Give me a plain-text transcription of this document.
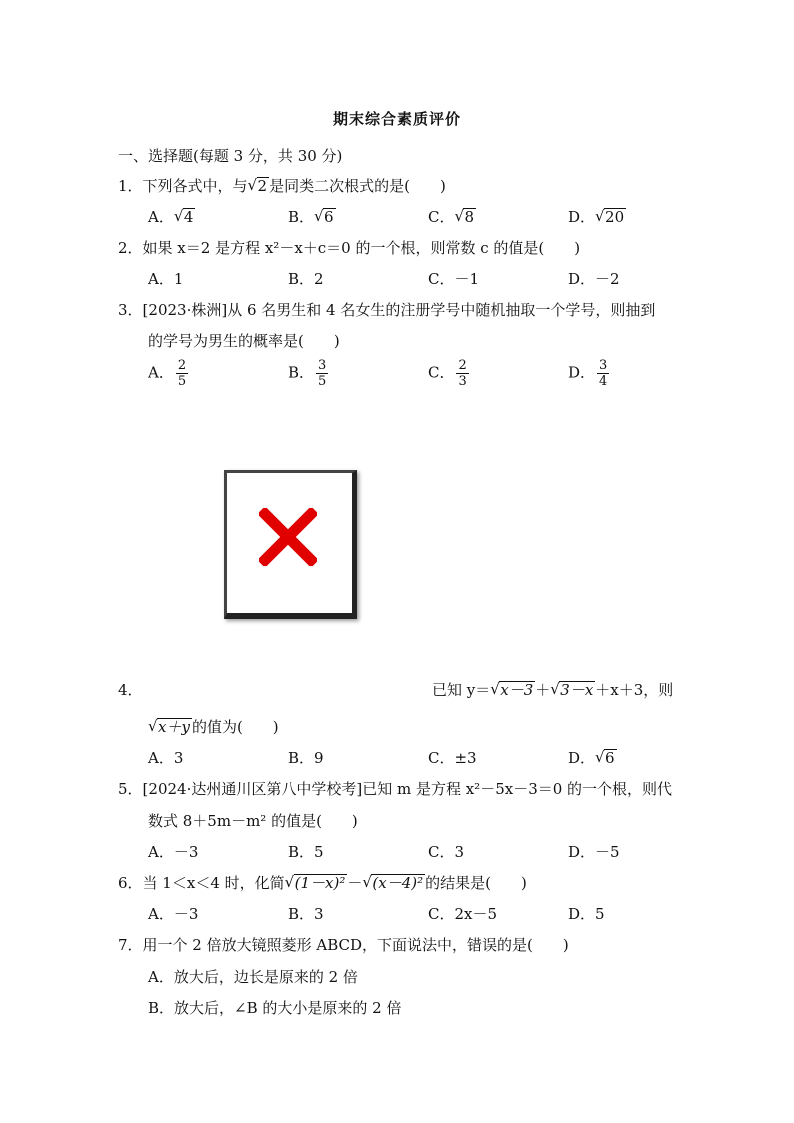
期末综合素质评价
一、选择题(每题 3 分，共 30 分)
1．下列各式中，与 √ 2 是同类二次根式的是(　　)
A． √ 4	B． √ 6	C． √ 8	D． √ 20
2．如果 x＝2 是方程 x²－x＋c＝0 的一个根，则常数 c 的值是(　　)
A．1	B．2	C．－1	D．－2
3．[2023·株洲]从 6 名男生和 4 名女生的注册学号中随机抽取一个学号，则抽到
的学号为男生的概率是(　　)
A． $\frac{2}{5}$	B． $\frac{3}{5}$	C． $\frac{2}{3}$	D． $\frac{3}{4}$
4．	已知 y＝ √ x－3 ＋ √ 3－x ＋x＋3，则
√ x＋y 的值为(　　)
A．3	B．9	C．±3	D． √ 6
5．[2024·达州通川区第八中学校考]已知 m 是方程 x²－5x－3＝0 的一个根，则代
数式 8＋5m－m² 的值是(　　)
A．－3	B．5	C．3	D．－5
6．当 1＜x＜4 时，化简 √ (1－x)² － √ (x－4)² 的结果是(　　)
A．－3	B．3	C．2x－5	D．5
7．用一个 2 倍放大镜照菱形 ABCD，下面说法中，错误的是(　　)
A．放大后，边长是原来的 2 倍
B．放大后，∠B 的大小是原来的 2 倍
